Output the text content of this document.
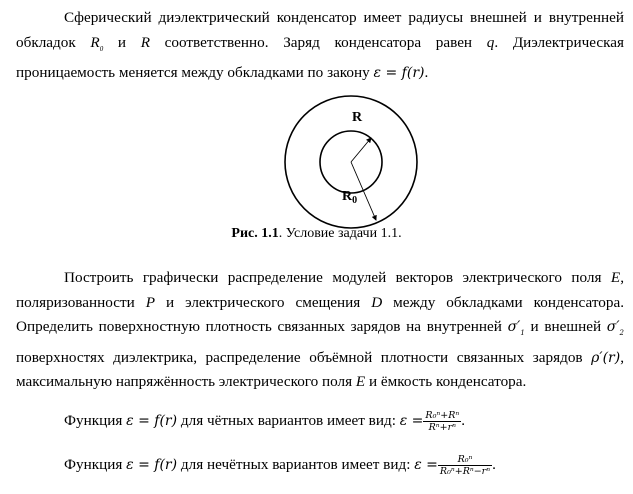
Сферический диэлектрический конденсатор имеет радиусы внешней и внутренней обкладок $R_0$ и R соответственно. Заряд конденсатора равен q. Диэлектрическая проницаемость меняется между обкладками по закону ε = f(r).

R
$R_0$
Рис. 1.1. Условие задачи 1.1.

Построить графически распределение модулей векторов электрического поля E, поляризованности P и электрического смещения D между обкладками конденсатора. Определить поверхностную плотность связанных зарядов на внутренней $\sigma'_1$ и внешней $\sigma'_2$ поверхностях диэлектрика, распределение объёмной плотности связанных зарядов ρ′(r), максимальную напряжённость электрического поля E и ёмкость конденсатора.

Функция ε = f(r) для чётных вариантов имеет вид: $\varepsilon = \frac{\text{R₀ⁿ+Rⁿ}}{\text{Rⁿ+rⁿ}}$ .
Функция ε = f(r) для нечётных вариантов имеет вид: $\varepsilon = \frac{\text{R₀ⁿ}}{\text{R₀ⁿ+Rⁿ−rⁿ}}$ .
